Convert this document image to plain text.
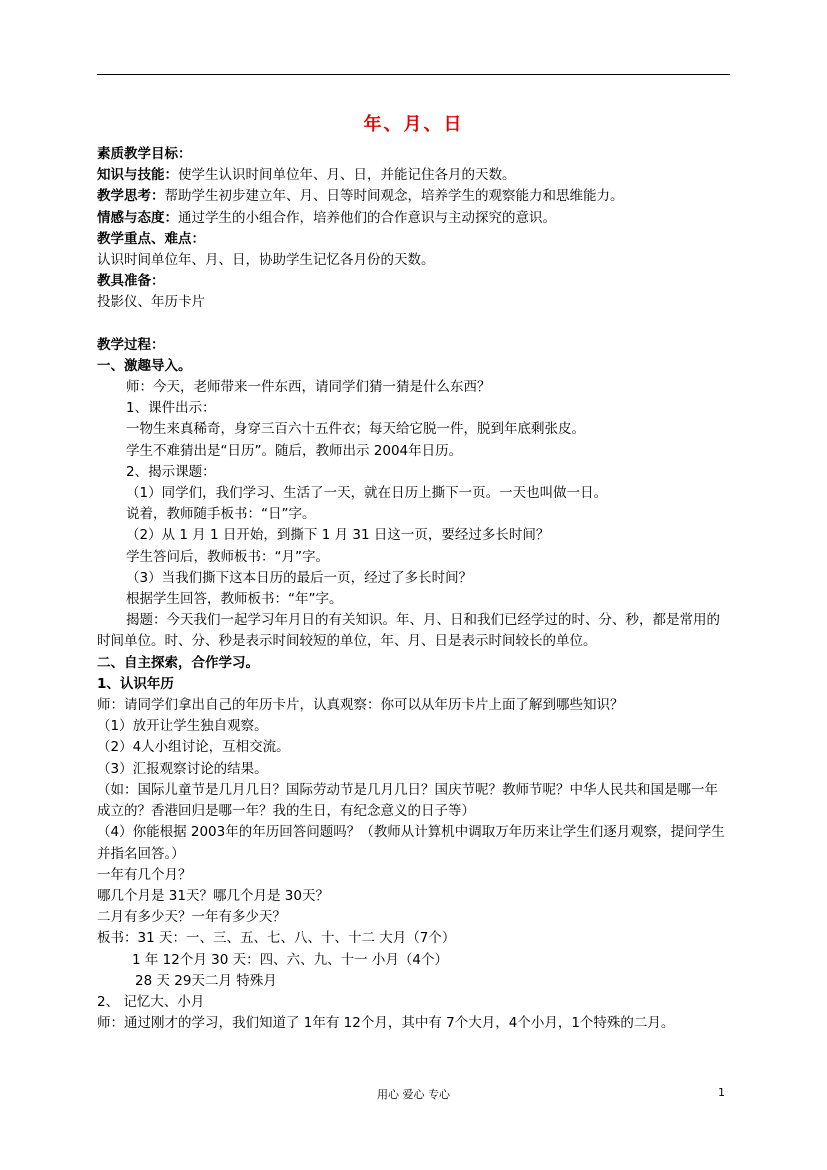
年、月、日

素质教学目标：

知识与技能：使学生认识时间单位年、月、日，并能记住各月的天数。

教学思考：帮助学生初步建立年、月、日等时间观念，培养学生的观察能力和思维能力。

情感与态度：通过学生的小组合作，培养他们的合作意识与主动探究的意识。

教学重点、难点：

认识时间单位年、月、日，协助学生记忆各月份的天数。

教具准备：

投影仪、年历卡片

教学过程：

一、激趣导入。

师：今天，老师带来一件东西，请同学们猜一猜是什么东西？

1、课件出示：

一物生来真稀奇，身穿三百六十五件衣；每天给它脱一件，脱到年底剩张皮。

学生不难猜出是“日历”。随后，教师出示 2004年日历。

2、揭示课题：

（1）同学们，我们学习、生活了一天，就在日历上撕下一页。一天也叫做一日。

说着，教师随手板书：“日”字。

（2）从 1 月 1 日开始，到撕下 1 月 31 日这一页，要经过多长时间？

学生答问后，教师板书：“月”字。

（3）当我们撕下这本日历的最后一页，经过了多长时间？

根据学生回答，教师板书：“年”字。

揭题：今天我们一起学习年月日的有关知识。年、月、日和我们已经学过的时、分、秒，都是常用的时间单位。时、分、秒是表示时间较短的单位，年、月、日是表示时间较长的单位。

二、自主探索，合作学习。

1、认识年历

师：请同学们拿出自己的年历卡片，认真观察：你可以从年历卡片上面了解到哪些知识？

（1）放开让学生独自观察。

（2）4人小组讨论，互相交流。

（3）汇报观察讨论的结果。

（如：国际儿童节是几月几日？国际劳动节是几月几日？国庆节呢？教师节呢？中华人民共和国是哪一年成立的？香港回归是哪一年？我的生日，有纪念意义的日子等）

（4）你能根据 2003年的年历回答问题吗？（教师从计算机中调取万年历来让学生们逐月观察，提问学生并指名回答。）

一年有几个月？

哪几个月是 31天？哪几个月是 30天？

二月有多少天？一年有多少天？

板书：31 天：一、三、五、七、八、十、十二 大月（7个）

1 年 12个月 30 天：四、六、九、十一 小月（4个）

28 天 29天二月 特殊月

2、 记忆大、小月

师：通过刚才的学习，我们知道了 1年有 12个月，其中有 7个大月，4个小月，1个特殊的二月。

用心 爱心 专心	1
